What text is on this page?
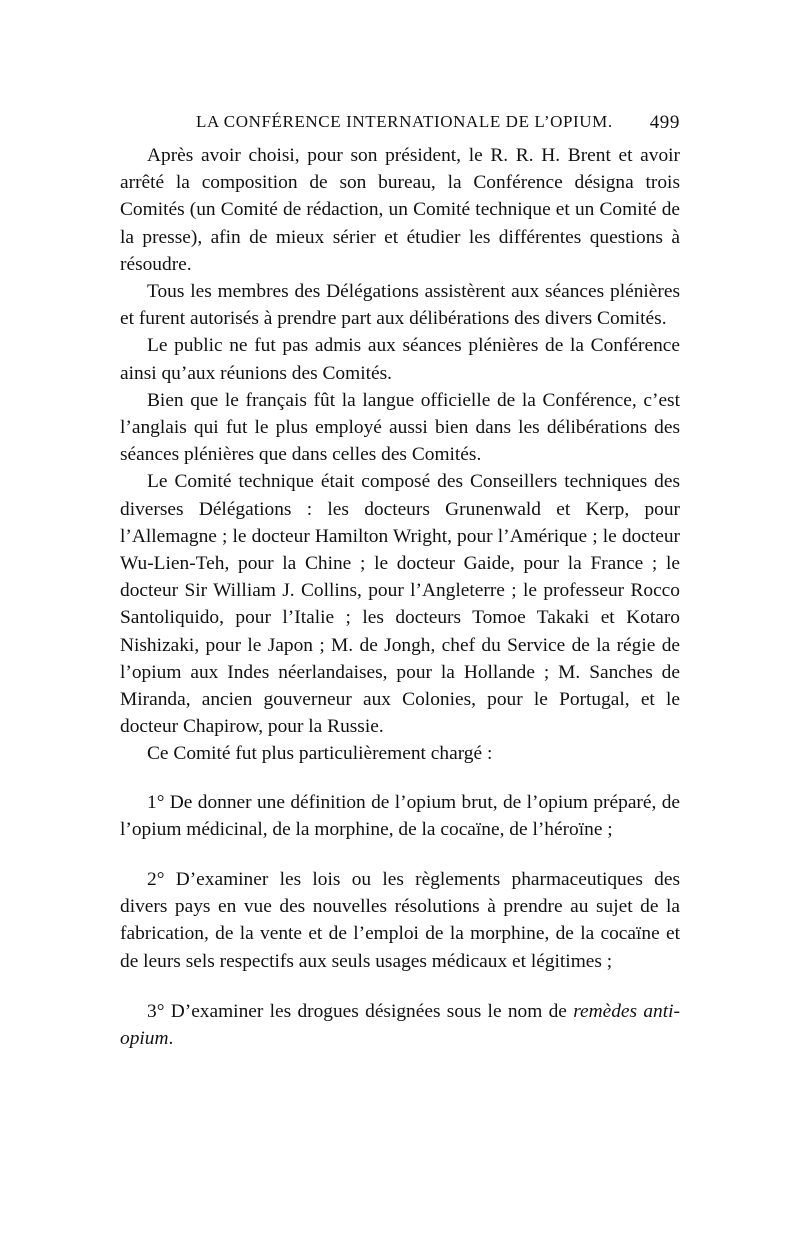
LA CONFÉRENCE INTERNATIONALE DE L’OPIUM. 499

Après avoir choisi, pour son président, le R. R. H. Brent et avoir arrêté la composition de son bureau, la Conférence désigna trois Comités (un Comité de rédaction, un Comité technique et un Comité de la presse), afin de mieux sérier et étudier les différentes questions à résoudre.

Tous les membres des Délégations assistèrent aux séances plénières et furent autorisés à prendre part aux délibérations des divers Comités.

Le public ne fut pas admis aux séances plénières de la Conférence ainsi qu’aux réunions des Comités.

Bien que le français fût la langue officielle de la Conférence, c’est l’anglais qui fut le plus employé aussi bien dans les délibérations des séances plénières que dans celles des Comités.

Le Comité technique était composé des Conseillers techniques des diverses Délégations : les docteurs Grunenwald et Kerp, pour l’Allemagne ; le docteur Hamilton Wright, pour l’Amérique ; le docteur Wu-Lien-Teh, pour la Chine ; le docteur Gaide, pour la France ; le docteur Sir William J. Collins, pour l’Angleterre ; le professeur Rocco Santoliquido, pour l’Italie ; les docteurs Tomoe Takaki et Kotaro Nishizaki, pour le Japon ; M. de Jongh, chef du Service de la régie de l’opium aux Indes néerlandaises, pour la Hollande ; M. Sanches de Miranda, ancien gouverneur aux Colonies, pour le Portugal, et le docteur Chapirow, pour la Russie.

Ce Comité fut plus particulièrement chargé :

1° De donner une définition de l’opium brut, de l’opium préparé, de l’opium médicinal, de la morphine, de la cocaïne, de l’héroïne ;

2° D’examiner les lois ou les règlements pharmaceutiques des divers pays en vue des nouvelles résolutions à prendre au sujet de la fabrication, de la vente et de l’emploi de la morphine, de la cocaïne et de leurs sels respectifs aux seuls usages médicaux et légitimes ;

3° D’examiner les drogues désignées sous le nom de remèdes anti-opium.
